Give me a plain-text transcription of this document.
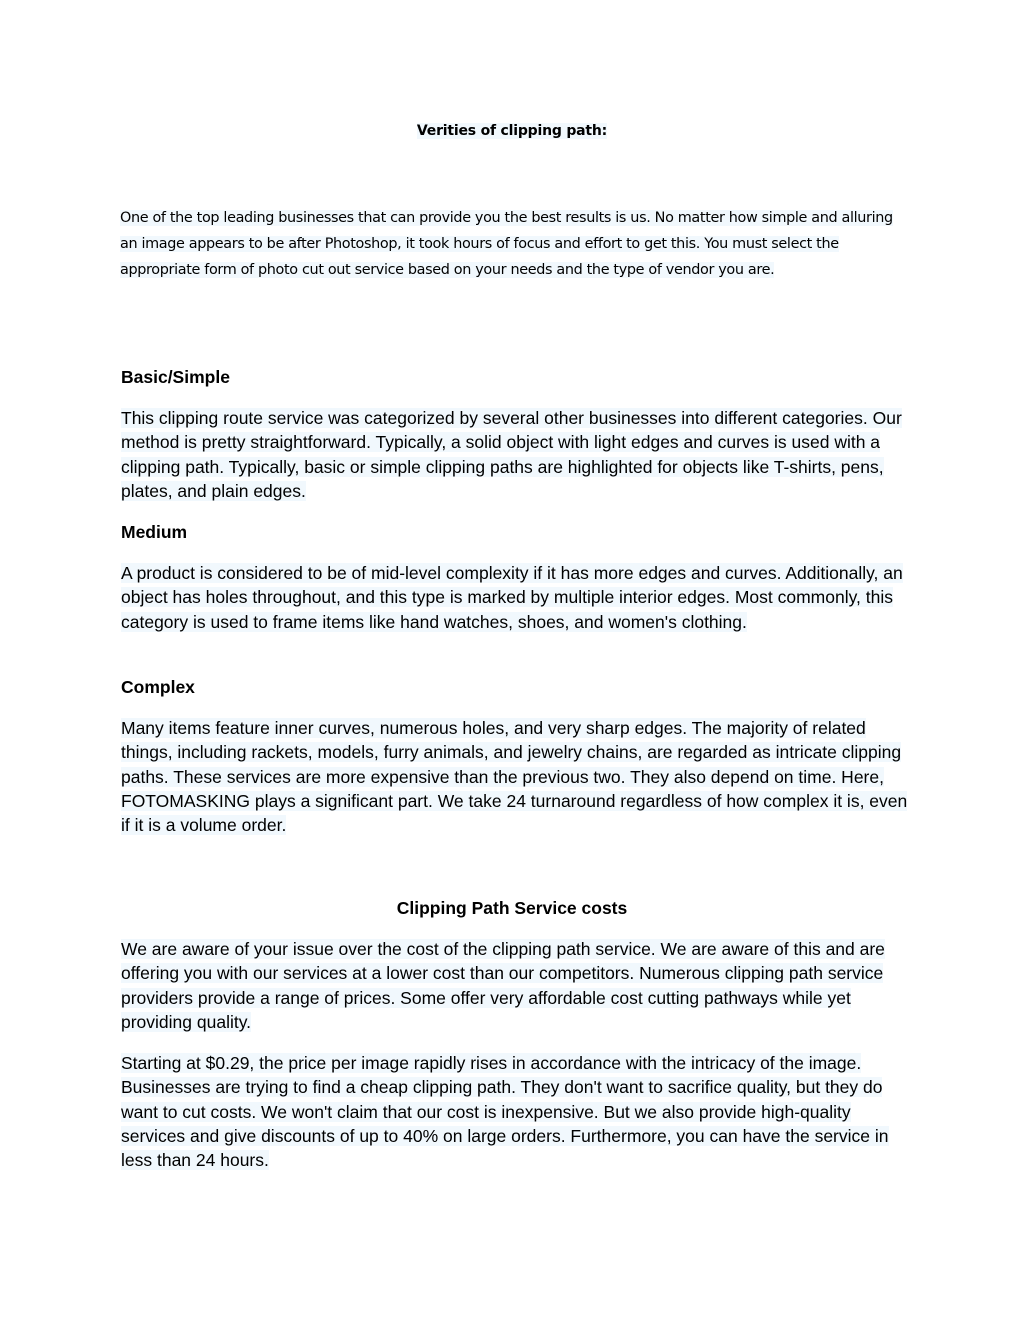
Verities of clipping path:

One of the top leading businesses that can provide you the best results is us. No matter how simple and alluring an image appears to be after Photoshop, it took hours of focus and effort to get this. You must select the appropriate form of photo cut out service based on your needs and the type of vendor you are.

Basic/Simple

This clipping route service was categorized by several other businesses into different categories. Our method is pretty straightforward. Typically, a solid object with light edges and curves is used with a clipping path. Typically, basic or simple clipping paths are highlighted for objects like T-shirts, pens, plates, and plain edges.

Medium

A product is considered to be of mid-level complexity if it has more edges and curves. Additionally, an object has holes throughout, and this type is marked by multiple interior edges. Most commonly, this category is used to frame items like hand watches, shoes, and women's clothing.

Complex

Many items feature inner curves, numerous holes, and very sharp edges. The majority of related things, including rackets, models, furry animals, and jewelry chains, are regarded as intricate clipping paths. These services are more expensive than the previous two. They also depend on time. Here, FOTOMASKING plays a significant part. We take 24 turnaround regardless of how complex it is, even if it is a volume order.

Clipping Path Service costs

We are aware of your issue over the cost of the clipping path service. We are aware of this and are offering you with our services at a lower cost than our competitors. Numerous clipping path service providers provide a range of prices. Some offer very affordable cost cutting pathways while yet providing quality.

Starting at $0.29, the price per image rapidly rises in accordance with the intricacy of the image. Businesses are trying to find a cheap clipping path. They don't want to sacrifice quality, but they do want to cut costs. We won't claim that our cost is inexpensive. But we also provide high-quality services and give discounts of up to 40% on large orders. Furthermore, you can have the service in less than 24 hours.
